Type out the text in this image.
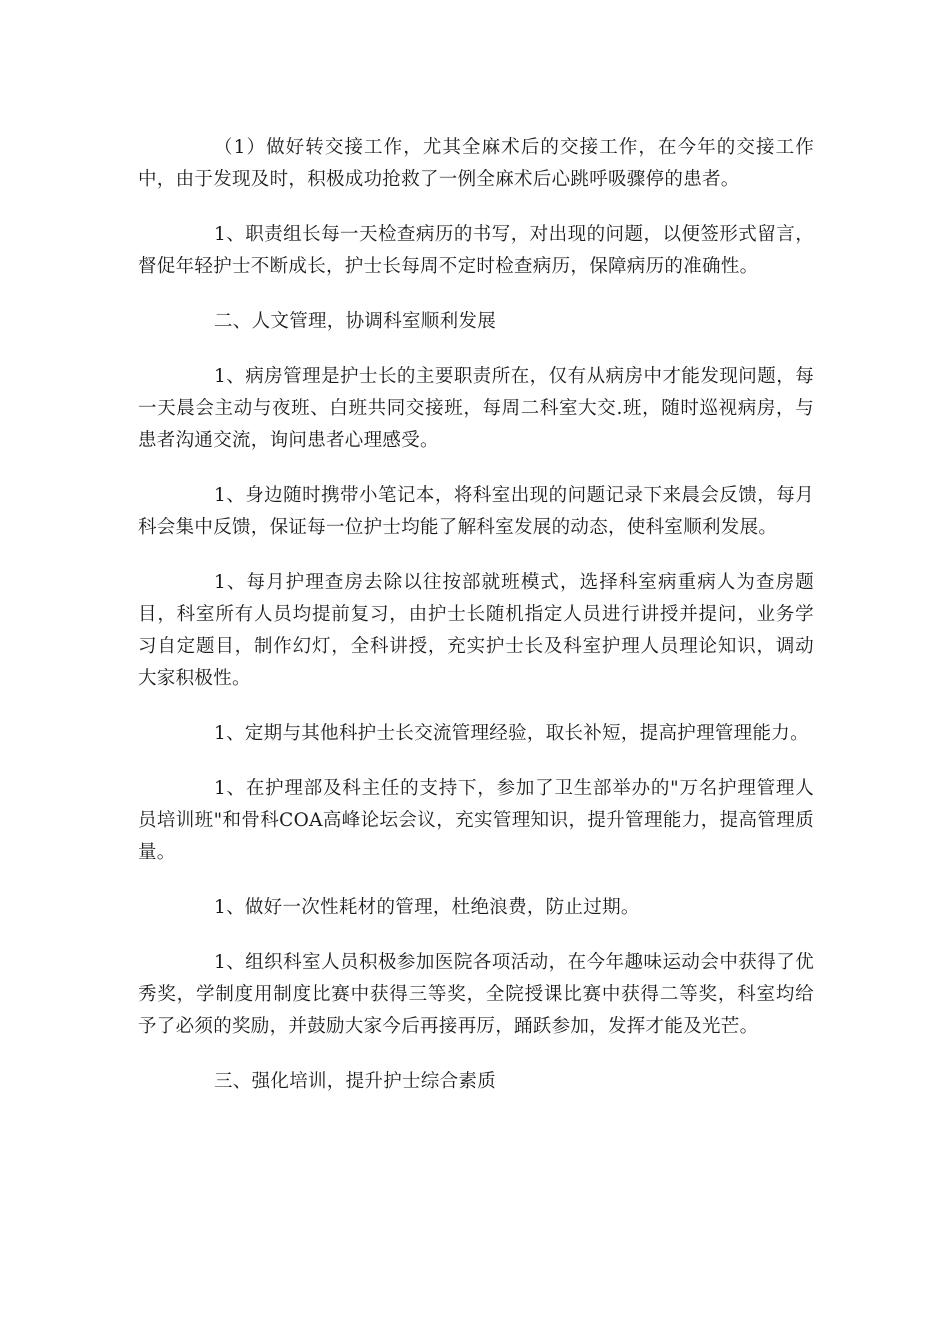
（1）做好转交接工作，尤其全麻术后的交接工作，在今年的交接工作中，由于发现及时，积极成功抢救了一例全麻术后心跳呼吸骤停的患者。

1、职责组长每一天检查病历的书写，对出现的问题，以便签形式留言，督促年轻护士不断成长，护士长每周不定时检查病历，保障病历的准确性。

二、人文管理，协调科室顺利发展

1、病房管理是护士长的主要职责所在，仅有从病房中才能发现问题，每一天晨会主动与夜班、白班共同交接班，每周二科室大交.班，随时巡视病房，与患者沟通交流，询问患者心理感受。

1、身边随时携带小笔记本，将科室出现的问题记录下来晨会反馈，每月科会集中反馈，保证每一位护士均能了解科室发展的动态，使科室顺利发展。

1、每月护理查房去除以往按部就班模式，选择科室病重病人为查房题目，科室所有人员均提前复习，由护士长随机指定人员进行讲授并提问，业务学习自定题目，制作幻灯，全科讲授，充实护士长及科室护理人员理论知识，调动大家积极性。

1、定期与其他科护士长交流管理经验，取长补短，提高护理管理能力。

1、在护理部及科主任的支持下，参加了卫生部举办的"万名护理管理人员培训班"和骨科COA高峰论坛会议，充实管理知识，提升管理能力，提高管理质量。

1、做好一次性耗材的管理，杜绝浪费，防止过期。

1、组织科室人员积极参加医院各项活动，在今年趣味运动会中获得了优秀奖，学制度用制度比赛中获得三等奖，全院授课比赛中获得二等奖，科室均给予了必须的奖励，并鼓励大家今后再接再厉，踊跃参加，发挥才能及光芒。

三、强化培训，提升护士综合素质
